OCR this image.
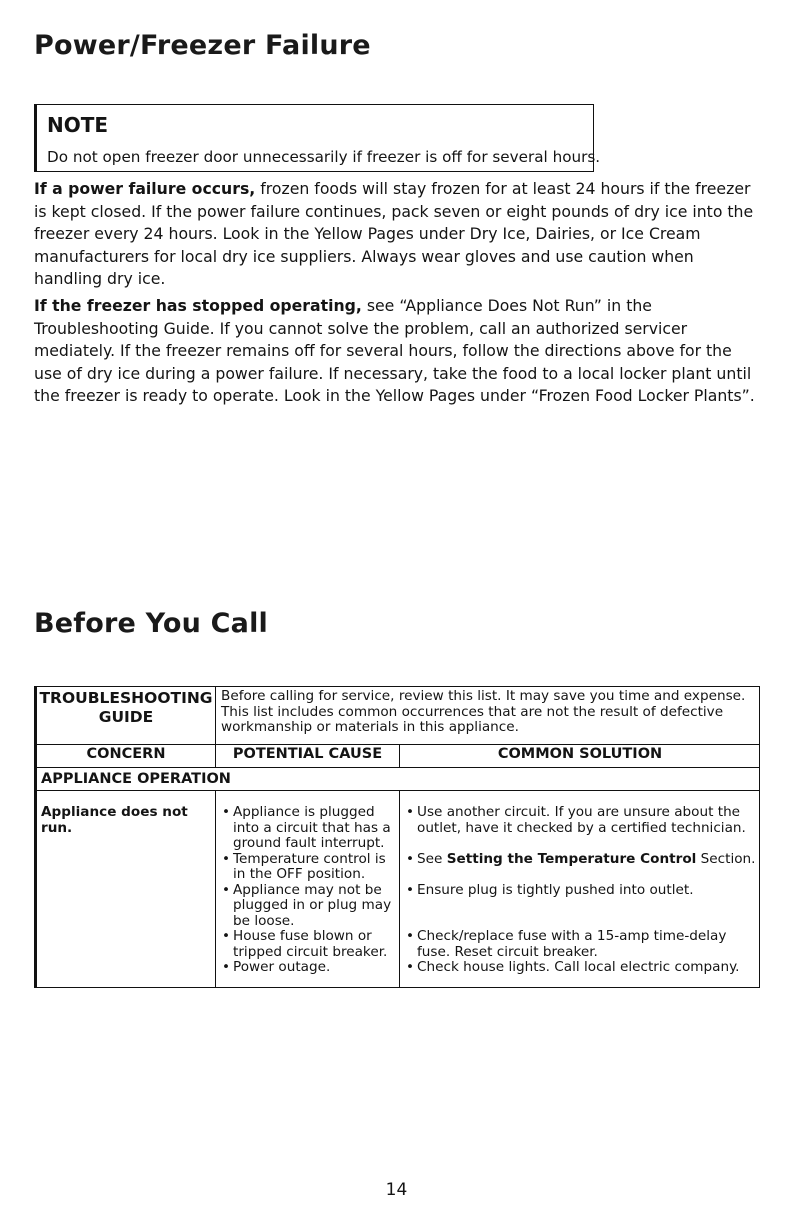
Power/Freezer Failure
NOTE
Do not open freezer door unnecessarily if freezer is off for several hours.

If a power failure occurs, frozen foods will stay frozen for at least 24 hours if the freezer is kept closed. If the power failure continues, pack seven or eight pounds of dry ice into the freezer every 24 hours. Look in the Yellow Pages under Dry Ice, Dairies, or Ice Cream manufacturers for local dry ice suppliers. Always wear gloves and use caution when handling dry ice.

If the freezer has stopped operating, see “Appliance Does Not Run” in the Troubleshooting Guide. If you cannot solve the problem, call an authorized servicer mediately. If the freezer remains off for several hours, follow the directions above for the use of dry ice during a power failure. If necessary, take the food to a local locker plant until the freezer is ready to operate. Look in the Yellow Pages under “Frozen Food Locker Plants”.

Before You Call
TROUBLESHOOTING
GUIDE
Before calling for service, review this list. It may save you time and expense. This list includes common occurrences that are not the result of defective workmanship or materials in this appliance.
CONCERN	POTENTIAL CAUSE	COMMON SOLUTION
APPLIANCE OPERATION
Appliance does not run.
• Appliance is plugged into a circuit that has a ground fault interrupt.
• Temperature control is in the OFF position.
• Appliance may not be plugged in or plug may be loose.
• House fuse blown or tripped circuit breaker.
• Power outage.
• Use another circuit. If you are unsure about the outlet, have it checked by a certified technician.
• See Setting the Temperature Control Section.
• Ensure plug is tightly pushed into outlet.
• Check/replace fuse with a 15-amp time-delay fuse. Reset circuit breaker.
• Check house lights. Call local electric company.
14
